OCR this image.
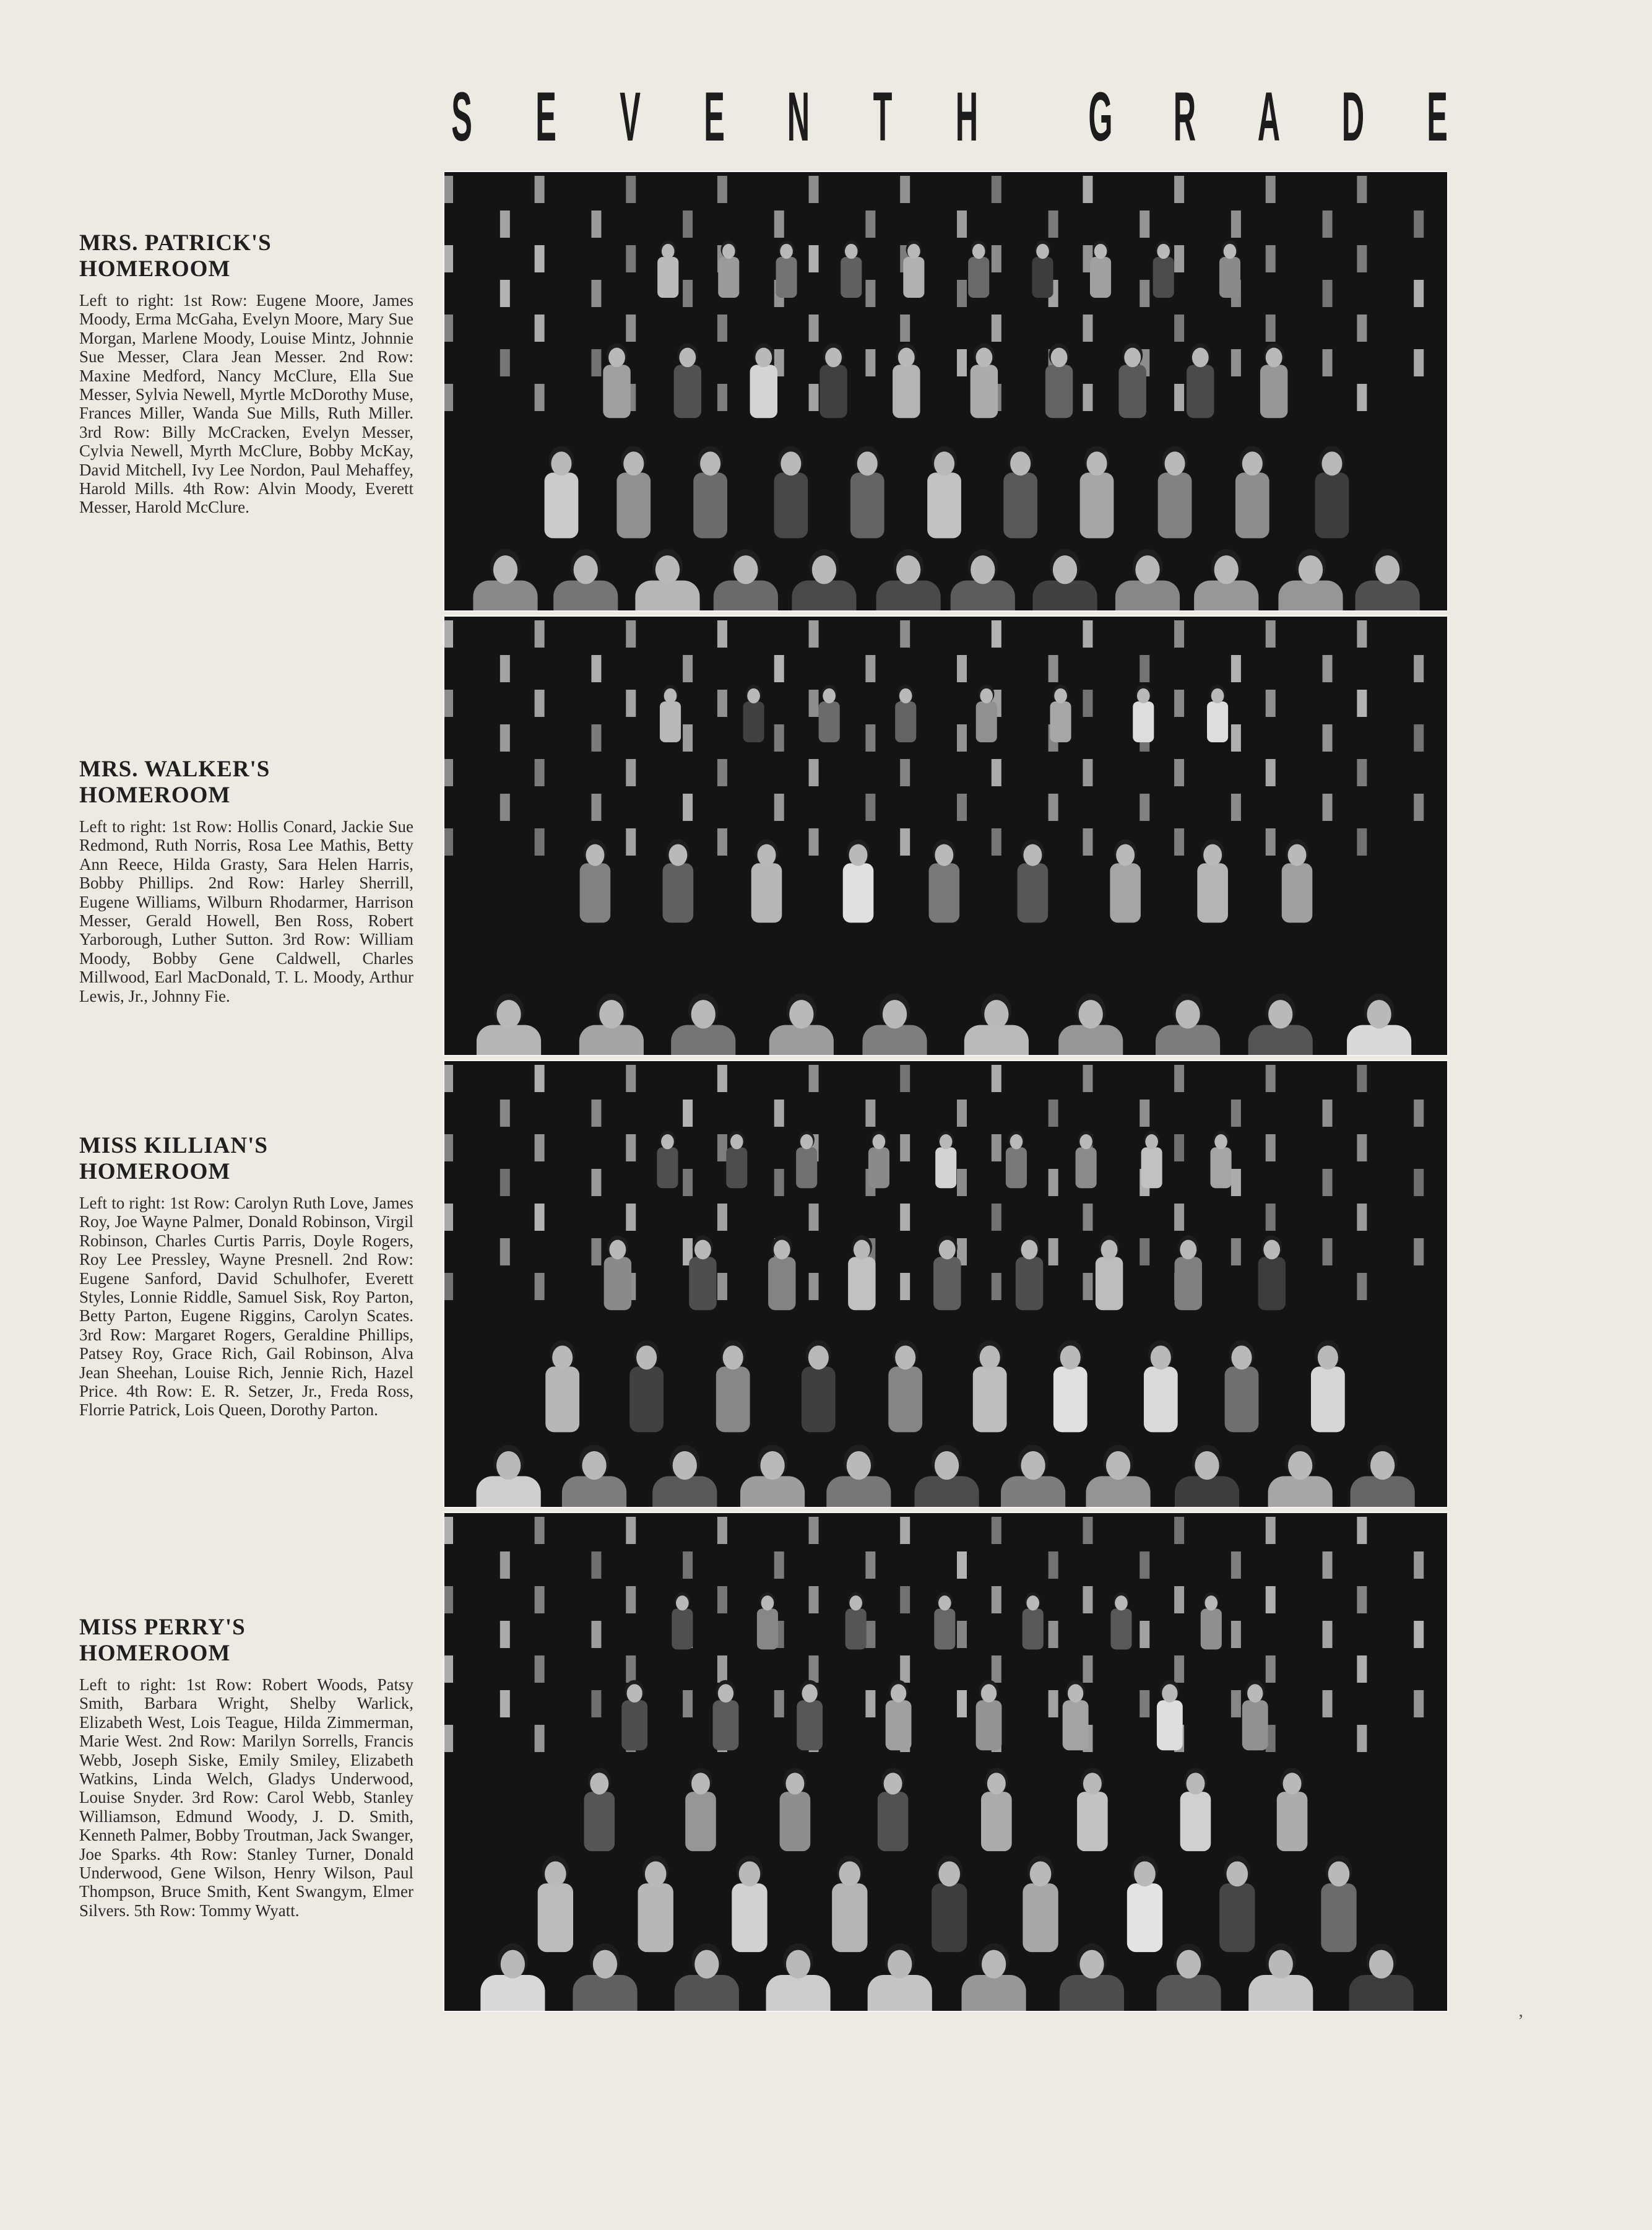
S E V E N T H G R A D E
MRS. PATRICK'S
HOMEROOM

Left to right: 1st Row: Eugene Moore, James Moody, Erma McGaha, Evelyn Moore, Mary Sue Morgan, Marlene Moody, Louise Mintz, Johnnie Sue Messer, Clara Jean Messer. 2nd Row: Maxine Medford, Nancy McClure, Ella Sue Messer, Sylvia Newell, Myrtle McDorothy Muse, Frances Miller, Wanda Sue Mills, Ruth Miller. 3rd Row: Billy McCracken, Evelyn Messer, Cylvia Newell, Myrth McClure, Bobby McKay, David Mitchell, Ivy Lee Nordon, Paul Mehaffey, Harold Mills. 4th Row: Alvin Moody, Everett Messer, Harold McClure.

MRS. WALKER'S
HOMEROOM

Left to right: 1st Row: Hollis Conard, Jackie Sue Redmond, Ruth Norris, Rosa Lee Mathis, Betty Ann Reece, Hilda Grasty, Sara Helen Harris, Bobby Phillips. 2nd Row: Harley Sherrill, Eugene Williams, Wilburn Rhodarmer, Harrison Messer, Gerald Howell, Ben Ross, Robert Yarborough, Luther Sutton. 3rd Row: William Moody, Bobby Gene Caldwell, Charles Millwood, Earl MacDonald, T. L. Moody, Arthur Lewis, Jr., Johnny Fie.

MISS KILLIAN'S
HOMEROOM

Left to right: 1st Row: Carolyn Ruth Love, James Roy, Joe Wayne Palmer, Donald Robinson, Virgil Robinson, Charles Curtis Parris, Doyle Rogers, Roy Lee Pressley, Wayne Presnell. 2nd Row: Eugene Sanford, David Schulhofer, Everett Styles, Lonnie Riddle, Samuel Sisk, Roy Parton, Betty Parton, Eugene Riggins, Carolyn Scates. 3rd Row: Margaret Rogers, Geraldine Phillips, Patsey Roy, Grace Rich, Gail Robinson, Alva Jean Sheehan, Louise Rich, Jennie Rich, Hazel Price. 4th Row: E. R. Setzer, Jr., Freda Ross, Florrie Patrick, Lois Queen, Dorothy Parton.

MISS PERRY'S
HOMEROOM

Left to right: 1st Row: Robert Woods, Patsy Smith, Barbara Wright, Shelby Warlick, Elizabeth West, Lois Teague, Hilda Zimmerman, Marie West. 2nd Row: Marilyn Sorrells, Francis Webb, Joseph Siske, Emily Smiley, Elizabeth Watkins, Linda Welch, Gladys Underwood, Louise Snyder. 3rd Row: Carol Webb, Stanley Williamson, Edmund Woody, J. D. Smith, Kenneth Palmer, Bobby Troutman, Jack Swanger, Joe Sparks. 4th Row: Stanley Turner, Donald Underwood, Gene Wilson, Henry Wilson, Paul Thompson, Bruce Smith, Kent Swangym, Elmer Silvers. 5th Row: Tommy Wyatt.

ʼ
